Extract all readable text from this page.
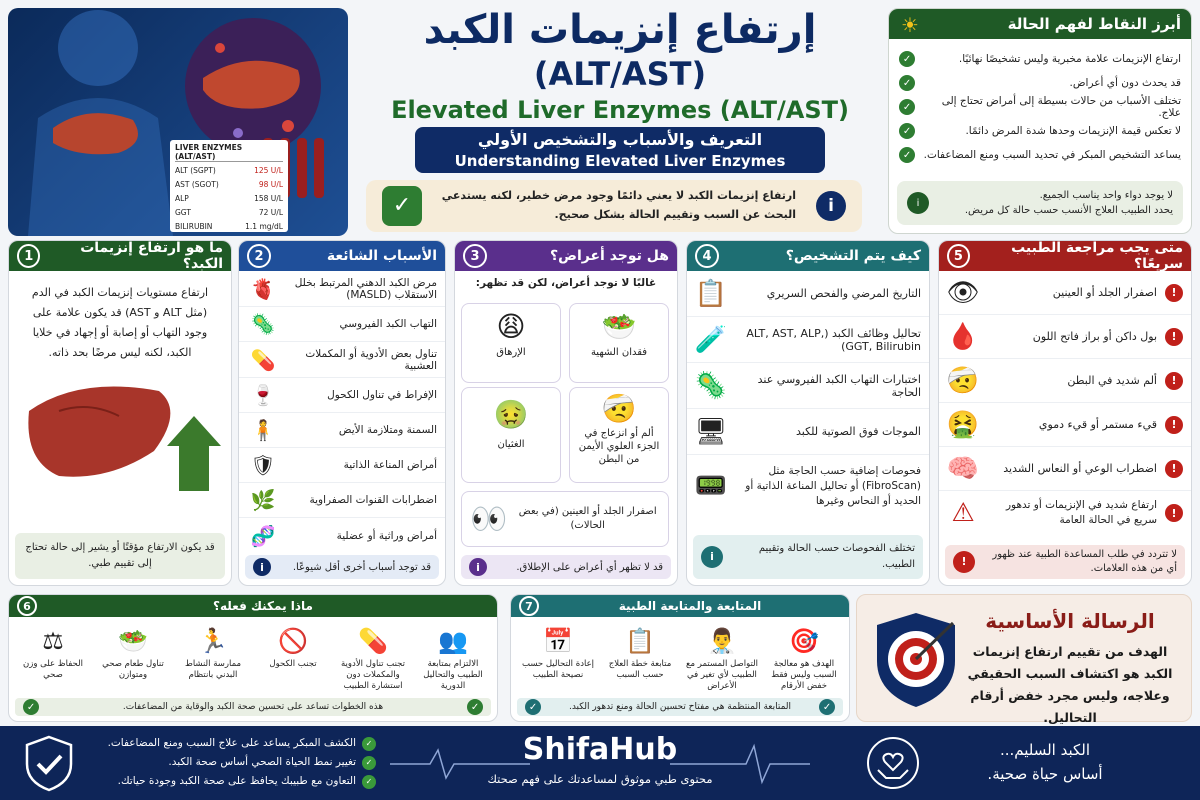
LIVER ENZYMES (ALT/AST)
ALT (SGPT)	125 U/L
AST (SGOT)	98 U/L
ALP	158 U/L
GGT	72 U/L
BILIRUBIN	1.1 mg/dL
إرتفاع إنزيمات الكبد
(ALT/AST)
Elevated Liver Enzymes (ALT/AST)
التعريف والأسباب والتشخيص الأولي
Understanding Elevated Liver Enzymes
✓	ارتفاع إنزيمات الكبد لا يعني دائمًا وجود مرض خطير، لكنه يستدعي البحث عن السبب وتقييم الحالة بشكل صحيح.	i
أبرز النقاط لفهم الحالة
☀
ارتفاع الإنزيمات علامة مخبرية وليس تشخيصًا نهائيًا.
✓
قد يحدث دون أي أعراض.
✓
تختلف الأسباب من حالات بسيطة إلى أمراض تحتاج إلى علاج.
✓
لا تعكس قيمة الإنزيمات وحدها شدة المرض دائمًا.
✓
يساعد التشخيص المبكر في تحديد السبب ومنع المضاعفات.
✓
لا يوجد دواء واحد يناسب الجميع.
يحدد الطبيب العلاج الأنسب حسب حالة كل مريض.
i
ما هو ارتفاع إنزيمات الكبد؟
1
ارتفاع مستويات إنزيمات الكبد في الدم (مثل ALT و AST) قد يكون علامة على وجود التهاب أو إصابة أو إجهاد في خلايا الكبد، لكنه ليس مرضًا بحد ذاته.
قد يكون الارتفاع مؤقتًا أو يشير إلى حالة تحتاج إلى تقييم طبي.
الأسباب الشائعة
2
مرض الكبد الدهني المرتبط بخلل الاستقلاب (MASLD)
🫀
التهاب الكبد الفيروسي
🦠
تناول بعض الأدوية أو المكملات العشبية
💊
الإفراط في تناول الكحول
🍷
السمنة ومتلازمة الأيض
🧍
أمراض المناعة الذاتية
🛡
اضطرابات القنوات الصفراوية
🌿
أمراض وراثية أو عضلية
🧬
قد توجد أسباب أخرى أقل شيوعًا.
i
هل توجد أعراض؟
3
غالبًا لا توجد أعراض، لكن قد تظهر:
🥗
فقدان الشهية
😩
الإرهاق
🤕
ألم أو انزعاج في الجزء العلوي الأيمن من البطن
🤢
الغثيان
اصفرار الجلد أو العينين (في بعض الحالات)
👀
قد لا تظهر أي أعراض على الإطلاق.
i
كيف يتم التشخيص؟
4
التاريخ المرضي والفحص السريري
📋
تحاليل وظائف الكبد (ALT, AST, ALP, GGT, Bilirubin)
🧪
اختبارات التهاب الكبد الفيروسي عند الحاجة
🦠
الموجات فوق الصوتية للكبد
🖥
فحوصات إضافية حسب الحاجة مثل (FibroScan) أو تحاليل المناعة الذاتية أو الحديد أو النحاس وغيرها
📟
تختلف الفحوصات حسب الحالة وتقييم الطبيب.
i
متى يجب مراجعة الطبيب سريعًا؟
5
!
اصفرار الجلد أو العينين
👁
!
بول داكن أو براز فاتح اللون
🩸
!
ألم شديد في البطن
🤕
!
قيء مستمر أو قيء دموي
🤮
!
اضطراب الوعي أو النعاس الشديد
🧠
!
ارتفاع شديد في الإنزيمات أو تدهور سريع في الحالة العامة
⚠
لا تتردد في طلب المساعدة الطبية عند ظهور أي من هذه العلامات.
!
ماذا يمكنك فعله؟
6
👥
الالتزام بمتابعة الطبيب والتحاليل الدورية
💊
تجنب تناول الأدوية والمكملات دون استشارة الطبيب
🚫
تجنب الكحول
🏃
ممارسة النشاط البدني بانتظام
🥗
تناول طعام صحي ومتوازن
⚖
الحفاظ على وزن صحي
✓
هذه الخطوات تساعد على تحسين صحة الكبد والوقاية من المضاعفات.
✓
المتابعة والمتابعة الطبية
7
🎯
الهدف هو معالجة السبب وليس فقط خفض الأرقام
👨‍⚕
التواصل المستمر مع الطبيب لأي تغير في الأعراض
📋
متابعة خطة العلاج حسب السبب
📅
إعادة التحاليل حسب نصيحة الطبيب
✓
المتابعة المنتظمة هي مفتاح تحسين الحالة ومنع تدهور الكبد.
✓
الرسالة الأساسية
الهدف من تقييم ارتفاع إنزيمات الكبد هو اكتشاف السبب الحقيقي وعلاجه، وليس مجرد خفض أرقام التحاليل.
✓
الكشف المبكر يساعد على علاج السبب ومنع المضاعفات.
✓
تغيير نمط الحياة الصحي أساس صحة الكبد.
✓
التعاون مع طبيبك يحافظ على صحة الكبد وجودة حياتك.
ShifaHub
محتوى طبي موثوق لمساعدتك على فهم صحتك
الكبد السليم...
أساس حياة صحية.
